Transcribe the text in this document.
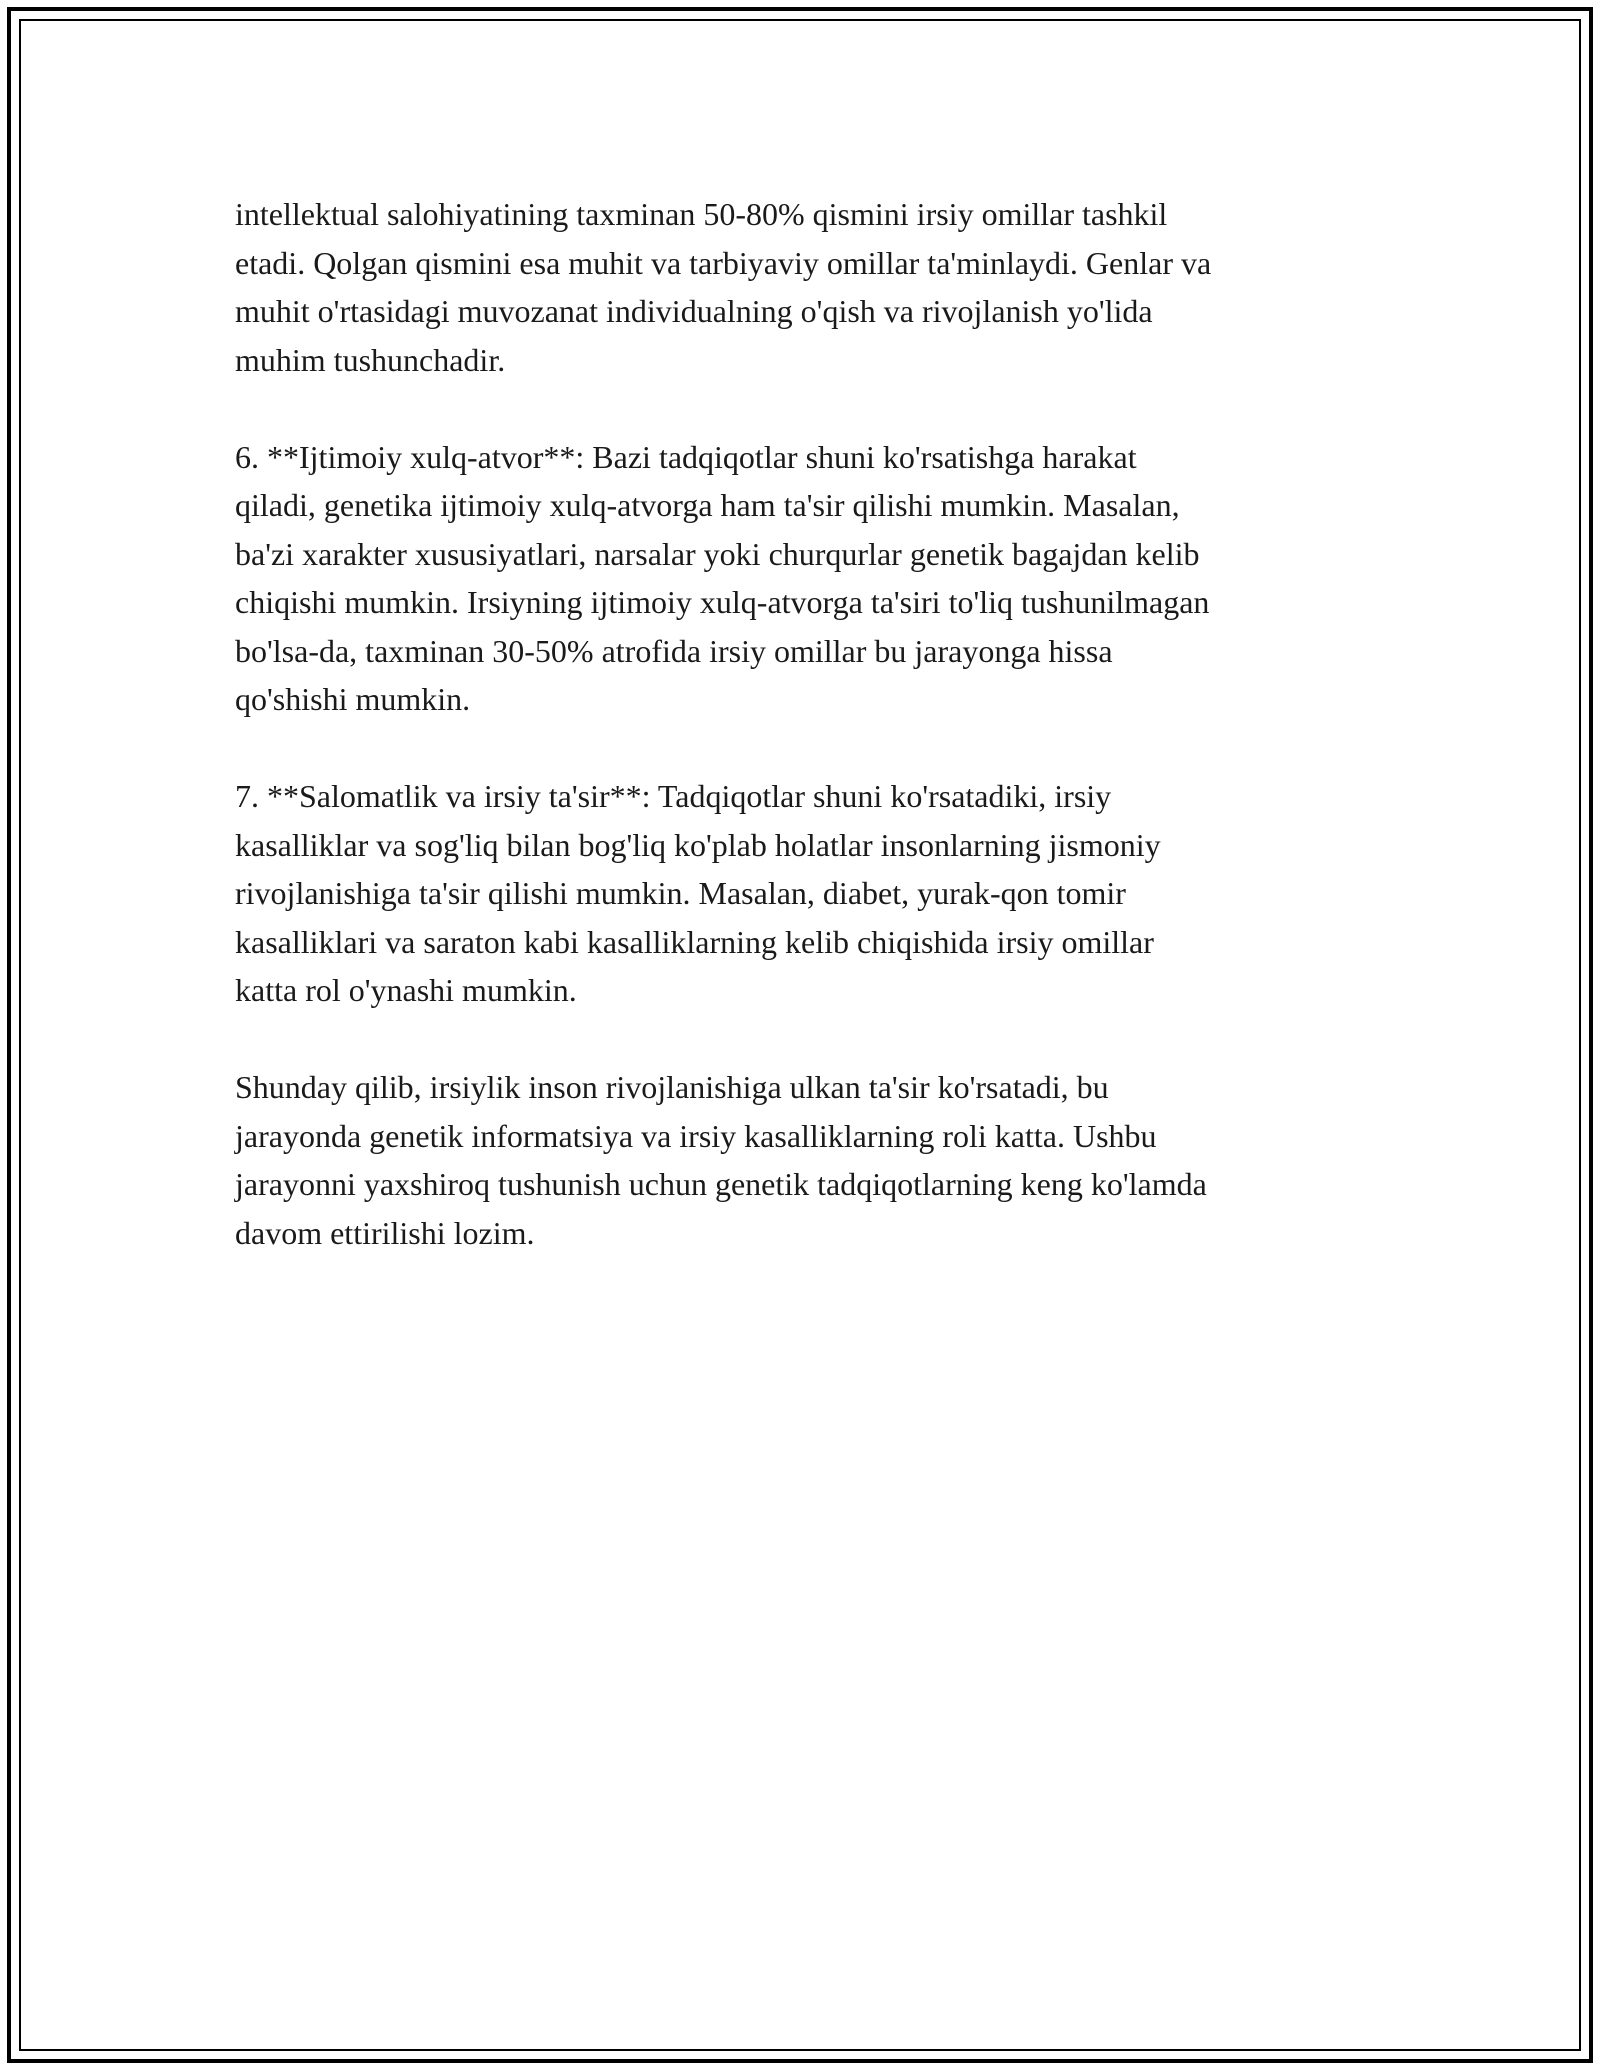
intellektual salohiyatining taxminan 50-80% qismini irsiy omillar tashkil
etadi. Qolgan qismini esa muhit va tarbiyaviy omillar ta'minlaydi. Genlar va
muhit o'rtasidagi muvozanat individualning o'qish va rivojlanish yo'lida
muhim tushunchadir.

6. **Ijtimoiy xulq-atvor**: Bazi tadqiqotlar shuni ko'rsatishga harakat
qiladi, genetika ijtimoiy xulq-atvorga ham ta'sir qilishi mumkin. Masalan,
ba'zi xarakter xususiyatlari, narsalar yoki churqurlar genetik bagajdan kelib
chiqishi mumkin. Irsiyning ijtimoiy xulq-atvorga ta'siri to'liq tushunilmagan
bo'lsa-da, taxminan 30-50% atrofida irsiy omillar bu jarayonga hissa
qo'shishi mumkin.

7. **Salomatlik va irsiy ta'sir**: Tadqiqotlar shuni ko'rsatadiki, irsiy
kasalliklar va sog'liq bilan bog'liq ko'plab holatlar insonlarning jismoniy
rivojlanishiga ta'sir qilishi mumkin. Masalan, diabet, yurak-qon tomir
kasalliklari va saraton kabi kasalliklarning kelib chiqishida irsiy omillar
katta rol o'ynashi mumkin.

Shunday qilib, irsiylik inson rivojlanishiga ulkan ta'sir ko'rsatadi, bu
jarayonda genetik informatsiya va irsiy kasalliklarning roli katta. Ushbu
jarayonni yaxshiroq tushunish uchun genetik tadqiqotlarning keng ko'lamda
davom ettirilishi lozim.
